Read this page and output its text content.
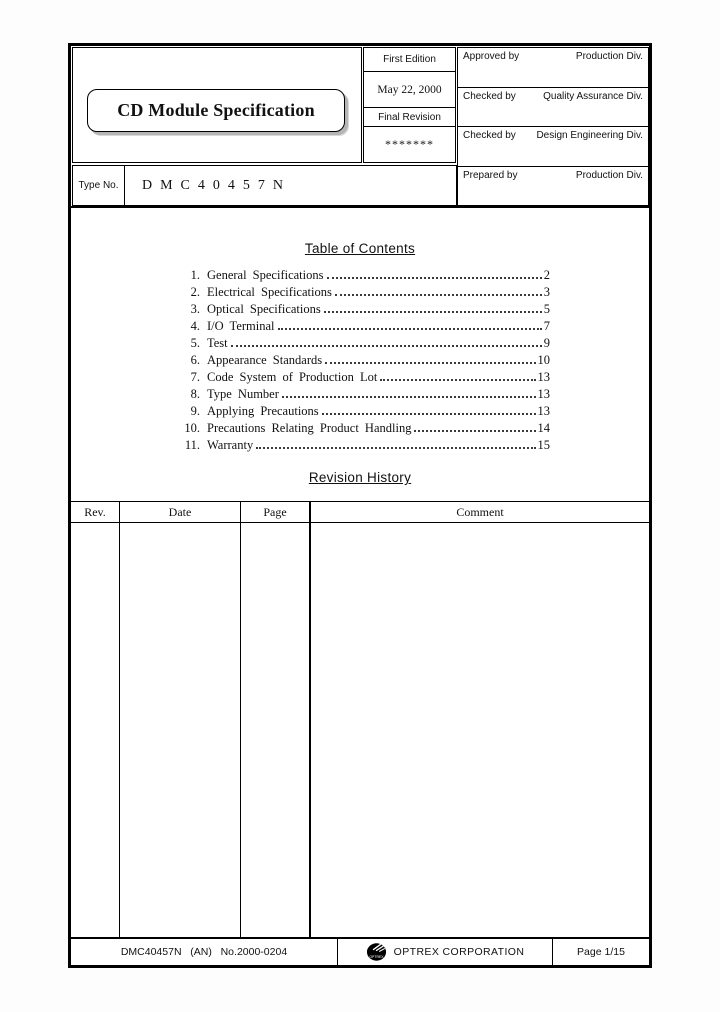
CD Module Specification
First Edition
May 22, 2000
Final Revision
*******
Approved by	Production Div.
Checked by	Quality Assurance Div.
Checked by Design Engineering Div.
Prepared by	Production Div.
Type No.	DMC40457N
Table of Contents
1. General Specifications	2
2. Electrical Specifications	3
3. Optical Specifications	5
4. I/O Terminal	7
5. Test	9
6. Appearance Standards	10
7. Code System of Production Lot	13
8. Type Number	13
9. Applying Precautions	13
10. Precautions Relating Product Handling	14
11. Warranty	15
Revision History
Rev.	Date	Page	Comment
DMC40457N   (AN)   No.2000-0204	OPTREX OPTREX CORPORATION	Page 1/15
